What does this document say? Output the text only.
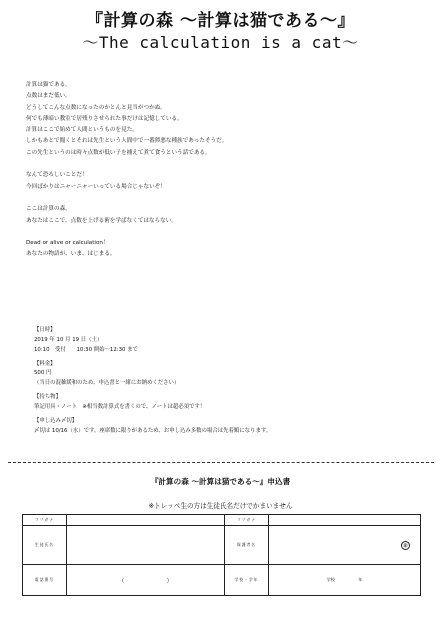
『計算の森 ～計算は猫である～』
～The calculation is a cat～
計算は猫である。
点数はまだ低い。
どうしてこんな点数になったのかとんと見当がつかぬ。
何でも薄暗い教室で居残りさせられた事だけは記憶している。
計算はここで始めて人間というものを見た。
しかもあとで聞くとそれは先生という人間中で一番獰悪な種族であったそうだ。
この先生というのは時々点数が低い子を捕えて煮て食うという話である。
なんて恐ろしいことだ！
今回ばかりはニャーニャーいっている場合じゃないぞ！
ここは計算の森。
あなたはここで、点数を上げる術を学ばなくてはならない。
Dead or alive or calculation！
あなたの物語が、いま、はじまる。
【日時】
2019 年 10 月 19 日（土）
10:10　受付　　10:30 開始～12:30 まで
【料金】
500 円
（当日の混雑緩和のため、申込書と一緒にお納めください）
【持ち物】
筆記用具・ノート　※相当数計算式を書くので、ノートは超必須です！
【申し込み〆切】
〆切は 10/16（水）です。座席数に限りがあるため、お申し込み多数の場合は先着順になります。
『計算の森 ～計算は猫である～』申込書
※トレッペ生の方は生徒氏名だけでかまいません
フリガナ		フリガナ	
生徒氏名		保護者名	印
電話番号	（ ）	学校・学年	学校 年
